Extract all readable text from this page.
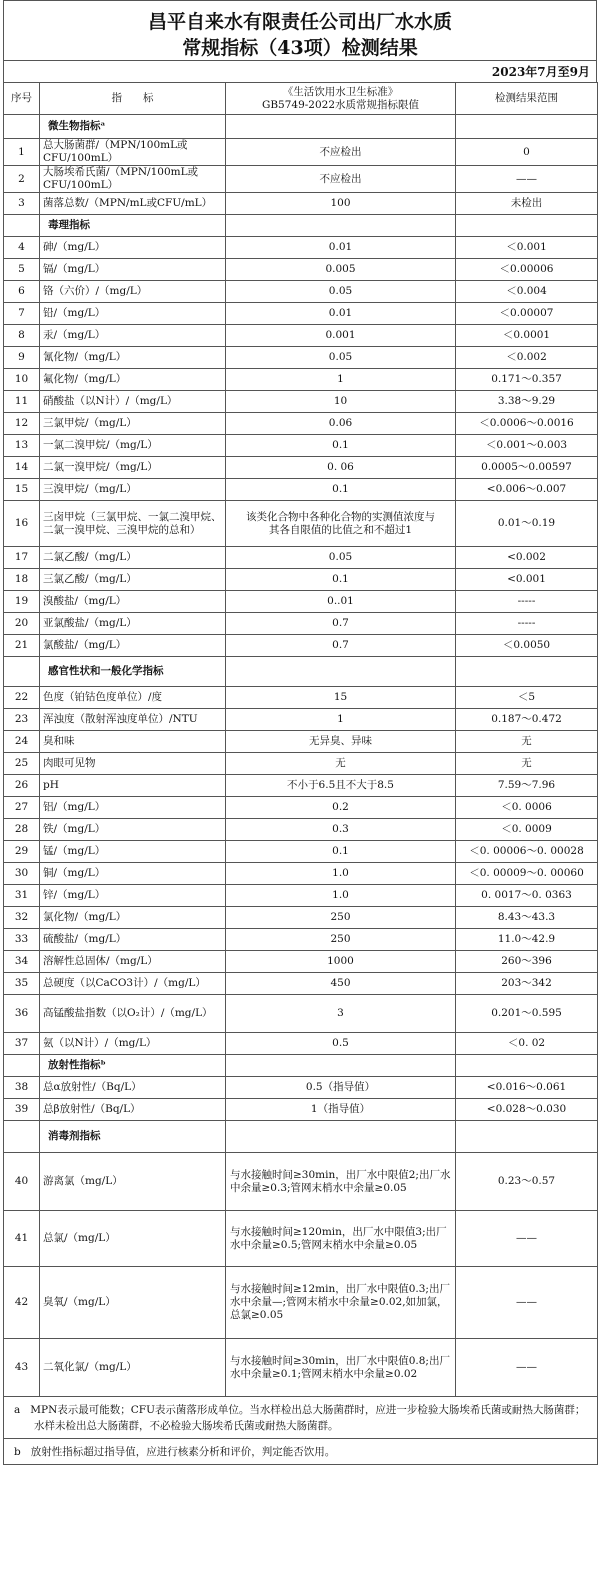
昌平自来水有限责任公司出厂水水质
常规指标（43项）检测结果
2023年7月至9月
序号	指　　标	《生活饮用水卫生标准》
GB5749-2022水质常规指标限值	检测结果范围
	微生物指标ᵃ		
1	总大肠菌群/（MPN/100mL或CFU/100mL）	不应检出	0
2	大肠埃希氏菌/（MPN/100mL或CFU/100mL）	不应检出	——
3	菌落总数/（MPN/mL或CFU/mL）	100	未检出
	毒理指标		
4	砷/（mg/L）	0.01	＜0.001
5	镉/（mg/L）	0.005	＜0.00006
6	铬（六价）/（mg/L）	0.05	＜0.004
7	铅/（mg/L）	0.01	＜0.00007
8	汞/（mg/L）	0.001	＜0.0001
9	氰化物/（mg/L）	0.05	＜0.002
10	氟化物/（mg/L）	1	0.171～0.357
11	硝酸盐（以N计）/（mg/L）	10	3.38～9.29
12	三氯甲烷/（mg/L）	0.06	＜0.0006～0.0016
13	一氯二溴甲烷/（mg/L）	0.1	＜0.001～0.003
14	二氯一溴甲烷/（mg/L）	0. 06	0.0005～0.00597
15	三溴甲烷/（mg/L）	0.1	<0.006～0.007
16	三卤甲烷（三氯甲烷、一氯二溴甲烷、二氯一溴甲烷、三溴甲烷的总和）	该类化合物中各种化合物的实测值浓度与其各自限值的比值之和不超过1	0.01～0.19
17	二氯乙酸/（mg/L）	0.05	<0.002
18	三氯乙酸/（mg/L）	0.1	<0.001
19	溴酸盐/（mg/L）	0..01	-----
20	亚氯酸盐/（mg/L）	0.7	-----
21	氯酸盐/（mg/L）	0.7	＜0.0050
	感官性状和一般化学指标		
22	色度（铂钴色度单位）/度	15	＜5
23	浑浊度（散射浑浊度单位）/NTU	1	0.187～0.472
24	臭和味	无异臭、异味	无
25	肉眼可见物	无	无
26	pH	不小于6.5且不大于8.5	7.59～7.96
27	铝/（mg/L）	0.2	＜0. 0006
28	铁/（mg/L）	0.3	＜0. 0009
29	锰/（mg/L）	0.1	＜0. 00006～0. 00028
30	铜/（mg/L）	1.0	＜0. 00009～0. 00060
31	锌/（mg/L）	1.0	0. 0017～0. 0363
32	氯化物/（mg/L）	250	8.43～43.3
33	硫酸盐/（mg/L）	250	11.0～42.9
34	溶解性总固体/（mg/L）	1000	260～396
35	总硬度（以CaCO3计）/（mg/L）	450	203～342
36	高锰酸盐指数（以O₂计）/（mg/L）	3	0.201～0.595
37	氨（以N计）/（mg/L）	0.5	＜0. 02
	放射性指标ᵇ		
38	总α放射性/（Bq/L）	0.5（指导值）	<0.016～0.061
39	总β放射性/（Bq/L）	1（指导值）	<0.028～0.030
	消毒剂指标		
40	游离氯（mg/L）	与水接触时间≥30min，出厂水中限值2;出厂水中余量≥0.3;管网末梢水中余量≥0.05	0.23～0.57
41	总氯/（mg/L）	与水接触时间≥120min，出厂水中限值3;出厂水中余量≥0.5;管网末梢水中余量≥0.05	——
42	臭氧/（mg/L）	与水接触时间≥12min，出厂水中限值0.3;出厂水中余量—;管网末梢水中余量≥0.02,如加氯，总氯≥0.05	——
43	二氧化氯/（mg/L）	与水接触时间≥30min，出厂水中限值0.8;出厂水中余量≥0.1;管网末梢水中余量≥0.02	——
a MPN表示最可能数；CFU表示菌落形成单位。当水样检出总大肠菌群时，应进一步检验大肠埃希氏菌或耐热大肠菌群；水样未检出总大肠菌群，不必检验大肠埃希氏菌或耐热大肠菌群。			
b 放射性指标超过指导值，应进行核素分析和评价，判定能否饮用。			
